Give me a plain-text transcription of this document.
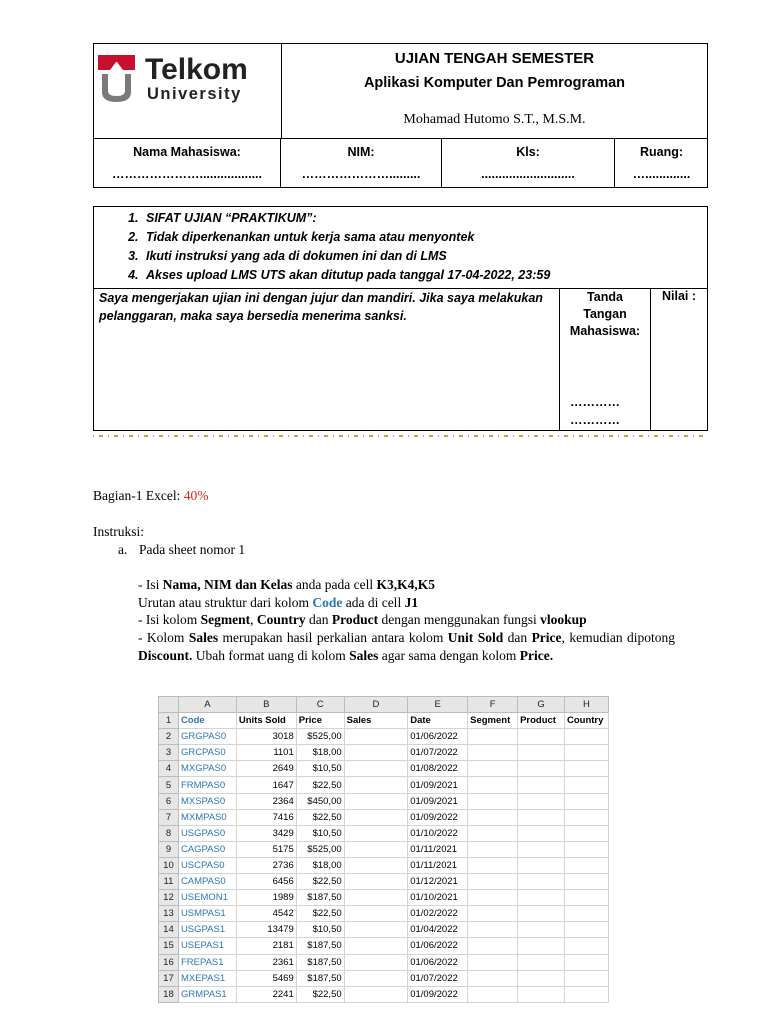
Telkom
University
UJIAN TENGAH SEMESTER
Aplikasi Komputer Dan Pemrograman
Mohamad Hutomo S.T., M.S.M.
Nama Mahasiswa:
…………………..................
NIM:
………………….........
Kls:
...........................
Ruang:
….............
1. SIFAT UJIAN “PRAKTIKUM”:
2. Tidak diperkenankan untuk kerja sama atau menyontek
3. Ikuti instruksi yang ada di dokumen ini dan di LMS
4. Akses upload LMS UTS akan ditutup pada tanggal 17-04-2022, 23:59
Saya mengerjakan ujian ini dengan jujur dan mandiri. Jika saya melakukan pelanggaran, maka saya bersedia menerima sanksi.
Tanda
Tangan
Mahasiswa:
…………
…………
Nilai :
Bagian-1 Excel: 40%
Instruksi:
a. Pada sheet nomor 1
- Isi Nama, NIM dan Kelas anda pada cell K3,K4,K5
Urutan atau struktur dari kolom Code ada di cell J1
- Isi kolom Segment, Country dan Product dengan menggunakan fungsi vlookup
- Kolom Sales merupakan hasil perkalian antara kolom Unit Sold dan Price, kemudian dipotong Discount. Ubah format uang di kolom Sales agar sama dengan kolom Price.
	A	B	C	D	E	F	G	H
1	Code	Units Sold	Price	Sales	Date	Segment	Product	Country
2	GRGPAS0	3018	$525,00		01/06/2022			
3	GRCPAS0	1101	$18,00		01/07/2022			
4	MXGPAS0	2649	$10,50		01/08/2022			
5	FRMPAS0	1647	$22,50		01/09/2021			
6	MXSPAS0	2364	$450,00		01/09/2021			
7	MXMPAS0	7416	$22,50		01/09/2022			
8	USGPAS0	3429	$10,50		01/10/2022			
9	CAGPAS0	5175	$525,00		01/11/2021			
10	USCPAS0	2736	$18,00		01/11/2021			
11	CAMPAS0	6456	$22,50		01/12/2021			
12	USEMON1	1989	$187,50		01/10/2021			
13	USMPAS1	4542	$22,50		01/02/2022			
14	USGPAS1	13479	$10,50		01/04/2022			
15	USEPAS1	2181	$187,50		01/06/2022			
16	FREPAS1	2361	$187,50		01/06/2022			
17	MXEPAS1	5469	$187,50		01/07/2022			
18	GRMPAS1	2241	$22,50		01/09/2022			
